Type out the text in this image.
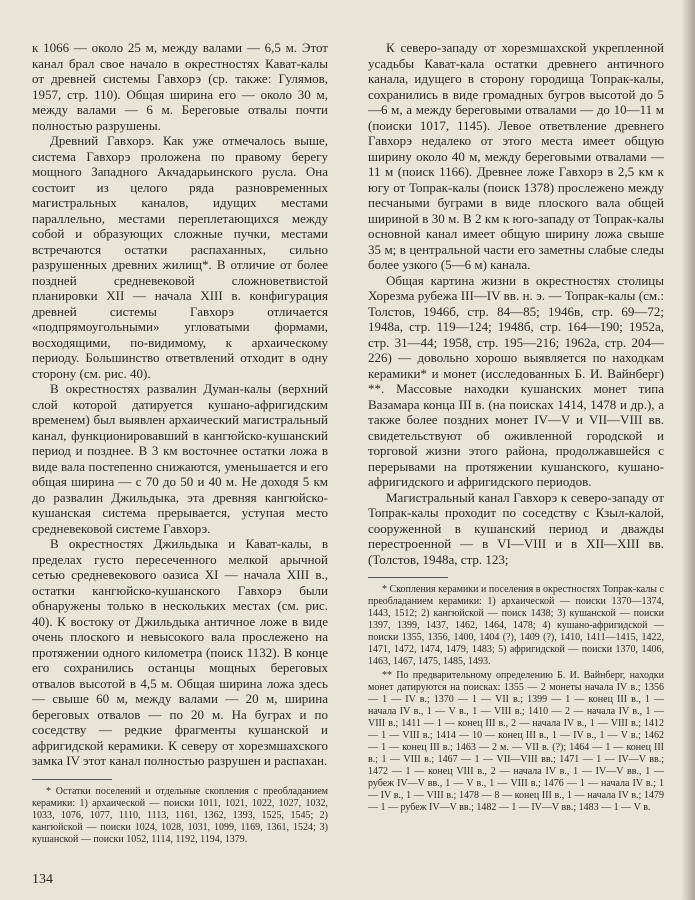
к 1066 — около 25 м, между валами — 6,5 м. Этот канал брал свое начало в окрестностях Кават-калы от древней системы Гавхорэ (ср. также: Гулямов, 1957, стр. 110). Общая ширина его — около 30 м, между валами — 6 м. Береговые отвалы почти полностью разрушены.

Древний Гавхорэ. Как уже отмечалось выше, система Гавхорэ проложена по правому берегу мощного Западного Акчадарьинского русла. Она состоит из целого ряда разновременных магистральных каналов, идущих местами параллельно, местами переплетающихся между собой и образующих сложные пучки, местами встречаются остатки распаханных, сильно разрушенных древних жилищ*. В отличие от более поздней средневековой сложноветвистой планировки XII — начала XIII в. конфигурация древней системы Гавхорэ отличается «подпрямоугольными» угловатыми формами, восходящими, по-видимому, к архаическому периоду. Большинство ответвлений отходит в одну сторону (см. рис. 40).

В окрестностях развалин Думан-калы (верхний слой которой датируется кушано-афригидским временем) был выявлен архаический магистральный канал, функционировавший в кангюйско-кушанский период и позднее. В 3 км восточнее остатки ложа в виде вала постепенно снижаются, уменьшается и его общая ширина — с 70 до 50 и 40 м. Не доходя 5 км до развалин Джильдыка, эта древняя кангюйско-кушанская система прерывается, уступая место средневековой системе Гавхорэ.

В окрестностях Джильдыка и Кават-калы, в пределах густо пересеченного мелкой арычной сетью средневекового оазиса XI — начала XIII в., остатки кангюйско-кушанского Гавхорэ были обнаружены только в нескольких местах (см. рис. 40). К востоку от Джильдыка античное ложе в виде очень плоского и невысокого вала прослежено на протяжении одного километра (поиск 1132). В конце его сохранились останцы мощных береговых отвалов высотой в 4,5 м. Общая ширина ложа здесь — свыше 60 м, между валами — 20 м, ширина береговых отвалов — по 20 м. На буграх и по соседству — редкие фрагменты кушанской и афригидской керамики. К северу от хорезмшахского замка IV этот канал полностью разрушен и распахан.

* Остатки поселений и отдельные скопления с преобладанием керамики: 1) архаической — поиски 1011, 1021, 1022, 1027, 1032, 1033, 1076, 1077, 1110, 1113, 1161, 1362, 1393, 1525, 1545; 2) кангюйской — поиски 1024, 1028, 1031, 1099, 1169, 1361, 1524; 3) кушанской — поиски 1052, 1114, 1192, 1194, 1379.

К северо-западу от хорезмшахской укрепленной усадьбы Кават-кала остатки древнего античного канала, идущего в сторону городища Топрак-калы, сохранились в виде громадных бугров высотой до 5—6 м, а между береговыми отвалами — до 10—11 м (поиски 1017, 1145). Левое ответвление древнего Гавхорэ недалеко от этого места имеет общую ширину около 40 м, между береговыми отвалами — 11 м (поиск 1166). Древнее ложе Гавхорэ в 2,5 км к югу от Топрак-калы (поиск 1378) прослежено между песчаными буграми в виде плоского вала общей шириной в 30 м. В 2 км к юго-западу от Топрак-калы основной канал имеет общую ширину ложа свыше 35 м; в центральной части его заметны слабые следы более узкого (5—6 м) канала.

Общая картина жизни в окрестностях столицы Хорезма рубежа III—IV вв. н. э. — Топрак-калы (см.: Толстов, 1946б, стр. 84—85; 1946в, стр. 69—72; 1948а, стр. 119—124; 1948б, стр. 164—190; 1952а, стр. 31—44; 1958, стр. 195—216; 1962а, стр. 204—226) — довольно хорошо выявляется по находкам керамики* и монет (исследованных Б. И. Вайнберг) **. Массовые находки кушанских монет типа Вазамара конца III в. (на поисках 1414, 1478 и др.), а также более поздних монет IV—V и VII—VIII вв. свидетельствуют об оживленной городской и торговой жизни этого района, продолжавшейся с перерывами на протяжении кушанского, кушано-афригидского и афригидского периодов.

Магистральный канал Гавхорэ к северо-западу от Топрак-калы проходит по соседству с Кзыл-калой, сооруженной в кушанский период и дважды перестроенной — в VI—VIII и в XII—XIII вв. (Толстов, 1948а, стр. 123;

* Скопления керамики и поселения в окрестностях Топрак-калы с преобладанием керамики: 1) архаической — поиски 1370—1374, 1443, 1512; 2) кангюйской — поиск 1438; 3) кушанской — поиски 1397, 1399, 1437, 1462, 1464, 1478; 4) кушано-афригидской — поиски 1355, 1356, 1400, 1404 (?), 1409 (?), 1410, 1411—1415, 1422, 1471, 1472, 1474, 1479, 1483; 5) афригидской — поиски 1370, 1406, 1463, 1467, 1475, 1485, 1493.

** По предварительному определению Б. И. Вайнберг, находки монет датируются на поисках: 1355 — 2 монеты начала IV в.; 1356 — 1 — IV в.; 1370 — 1 — VII в.; 1399 — 1 — конец III в., 1 — начала IV в., 1 — V в., 1 — VIII в.; 1410 — 2 — начала IV в., 1 — VIII в.; 1411 — 1 — конец III в., 2 — начала IV в., 1 — VIII в.; 1412 — 1 — VIII в.; 1414 — 10 — конец III в., 1 — IV в., 1 — V в.; 1462 — 1 — конец III в.; 1463 — 2 м. — VII в. (?); 1464 — 1 — конец III в.; 1 — VIII в.; 1467 — 1 — VII—VIII вв.; 1471 — 1 — IV—V вв.; 1472 — 1 — конец VIII в., 2 — начала IV в., 1 — IV—V вв., 1 — рубеж IV—V вв., 1 — V в., 1 — VIII в.; 1476 — 1 — начала IV в.; 1 — IV в., 1 — VIII в.; 1478 — 8 — конец III в., 1 — начала IV в.; 1479 — 1 — рубеж IV—V вв.; 1482 — 1 — IV—V вв.; 1483 — 1 — V в.

134
